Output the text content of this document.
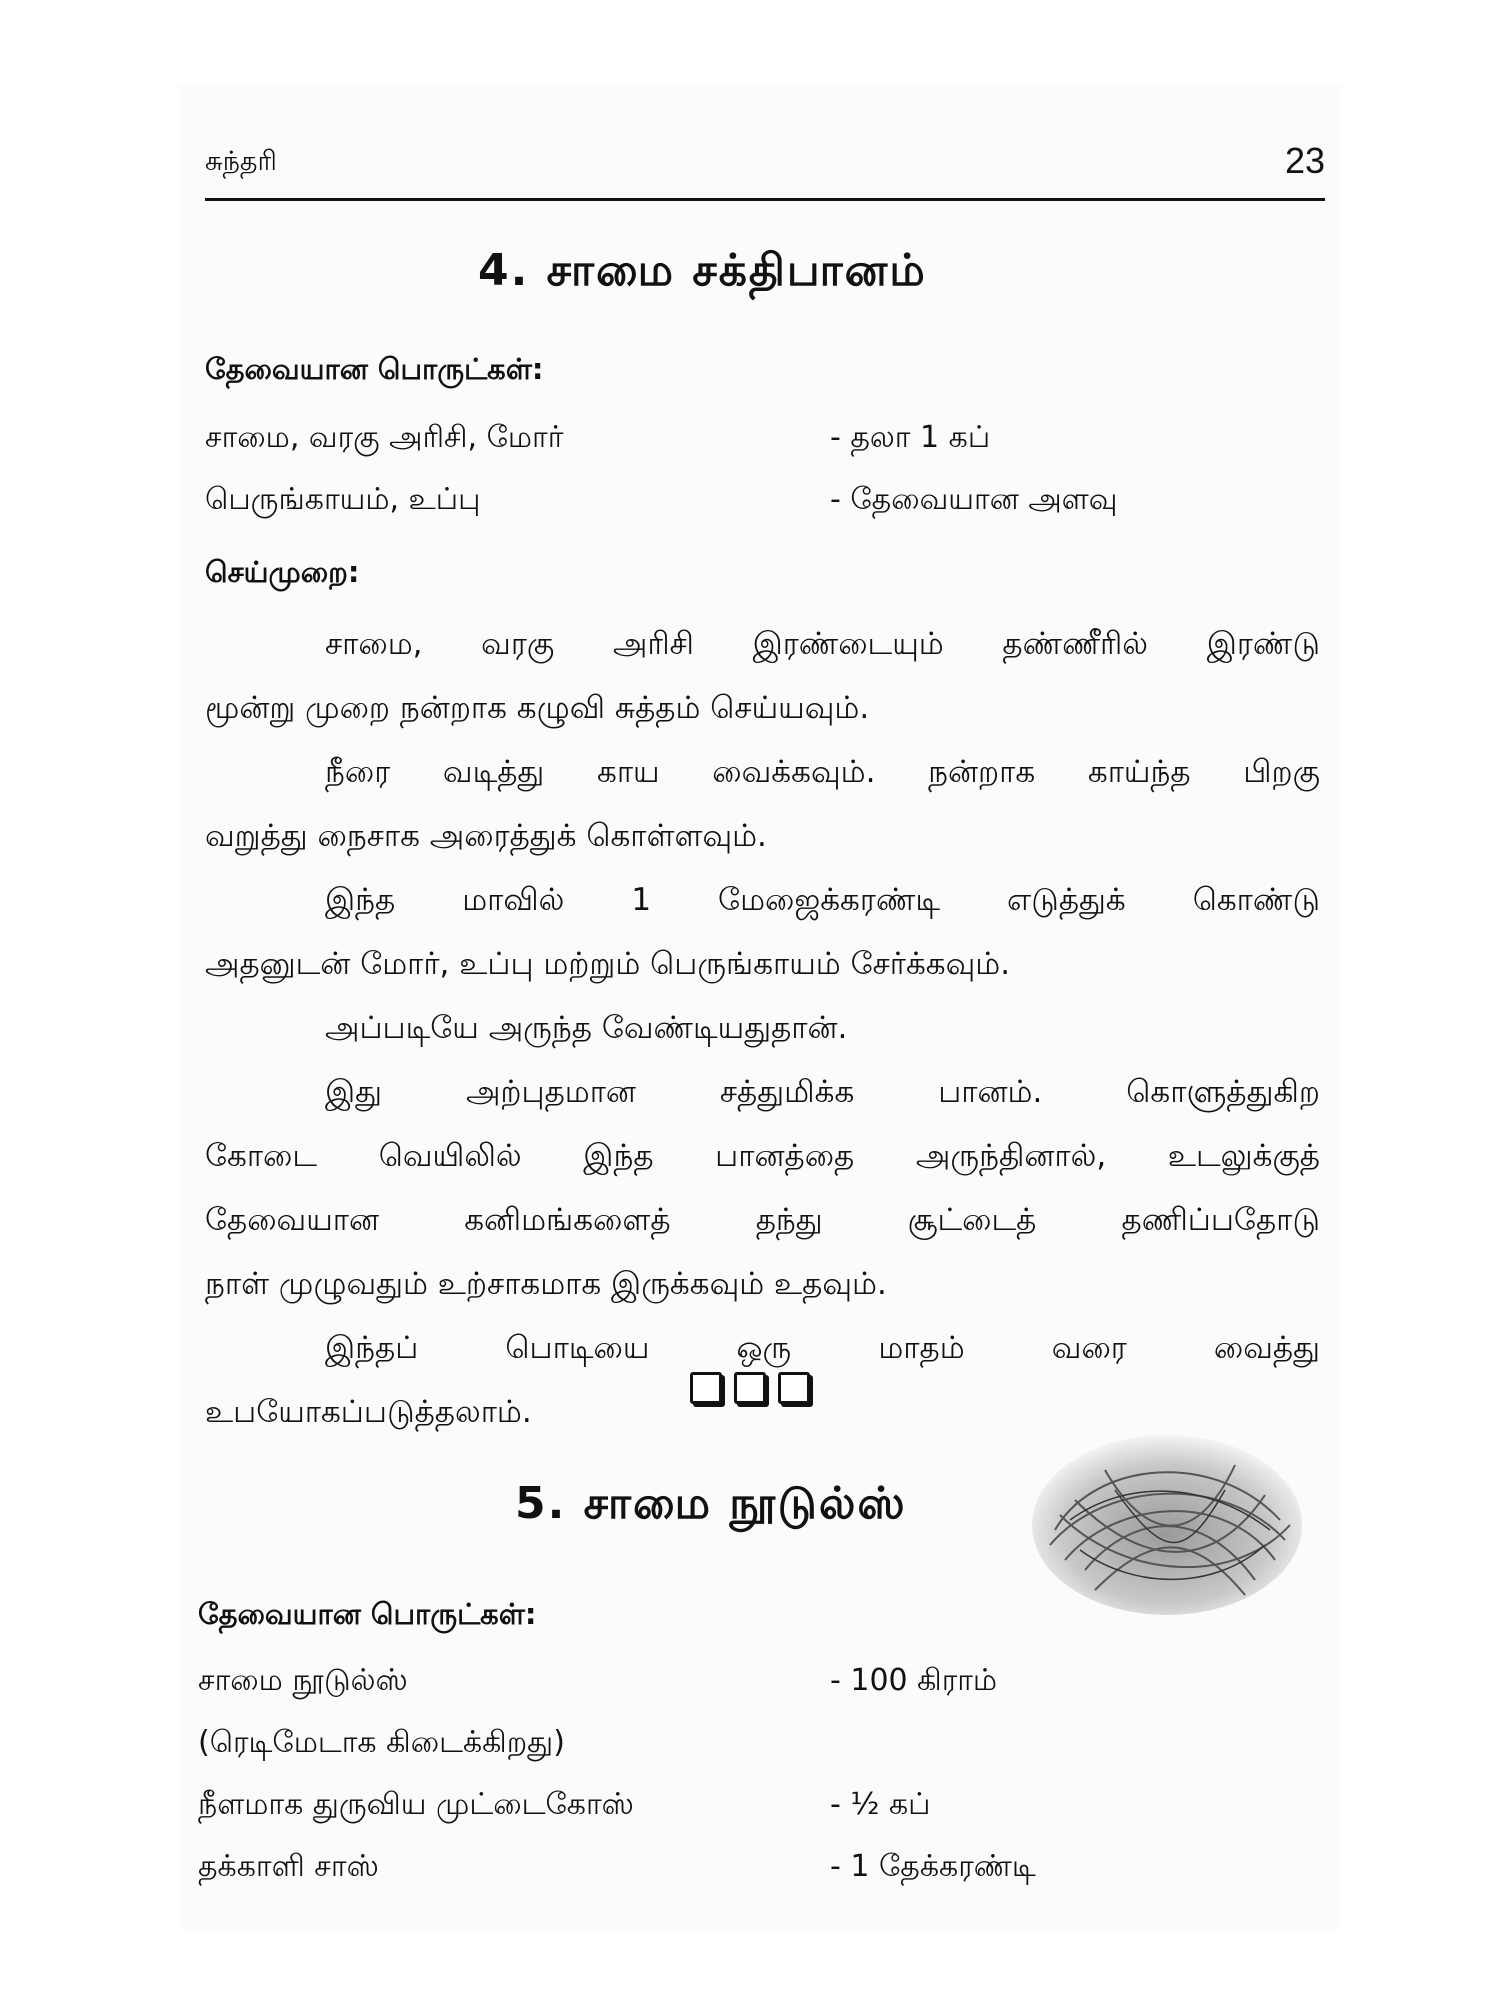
சுந்தரி	23
4. சாமை சக்திபானம்
தேவையான பொருட்கள்:
சாமை, வரகு அரிசி, மோர்	- தலா 1 கப்
பெருங்காயம், உப்பு	- தேவையான அளவு
செய்முறை:
சாமை, வரகு அரிசி இரண்டையும் தண்ணீரில் இரண்டு
மூன்று முறை நன்றாக கழுவி சுத்தம் செய்யவும்.
நீரை வடித்து காய வைக்கவும். நன்றாக காய்ந்த பிறகு
வறுத்து நைசாக அரைத்துக் கொள்ளவும்.
இந்த மாவில் 1 மேஜைக்கரண்டி எடுத்துக் கொண்டு
அதனுடன் மோர், உப்பு மற்றும் பெருங்காயம் சேர்க்கவும்.
அப்படியே அருந்த வேண்டியதுதான்.
இது அற்புதமான சத்துமிக்க பானம். கொளுத்துகிற
கோடை வெயிலில் இந்த பானத்தை அருந்தினால், உடலுக்குத்
தேவையான கனிமங்களைத் தந்து சூட்டைத் தணிப்பதோடு
நாள் முழுவதும் உற்சாகமாக இருக்கவும் உதவும்.
இந்தப் பொடியை ஒரு மாதம் வரை வைத்து
உபயோகப்படுத்தலாம்.
5. சாமை நூடுல்ஸ்
தேவையான பொருட்கள்:
சாமை நூடுல்ஸ்	- 100 கிராம்
(ரெடிமேடாக கிடைக்கிறது)
நீளமாக துருவிய முட்டைகோஸ்	- ½ கப்
தக்காளி சாஸ்	- 1 தேக்கரண்டி
